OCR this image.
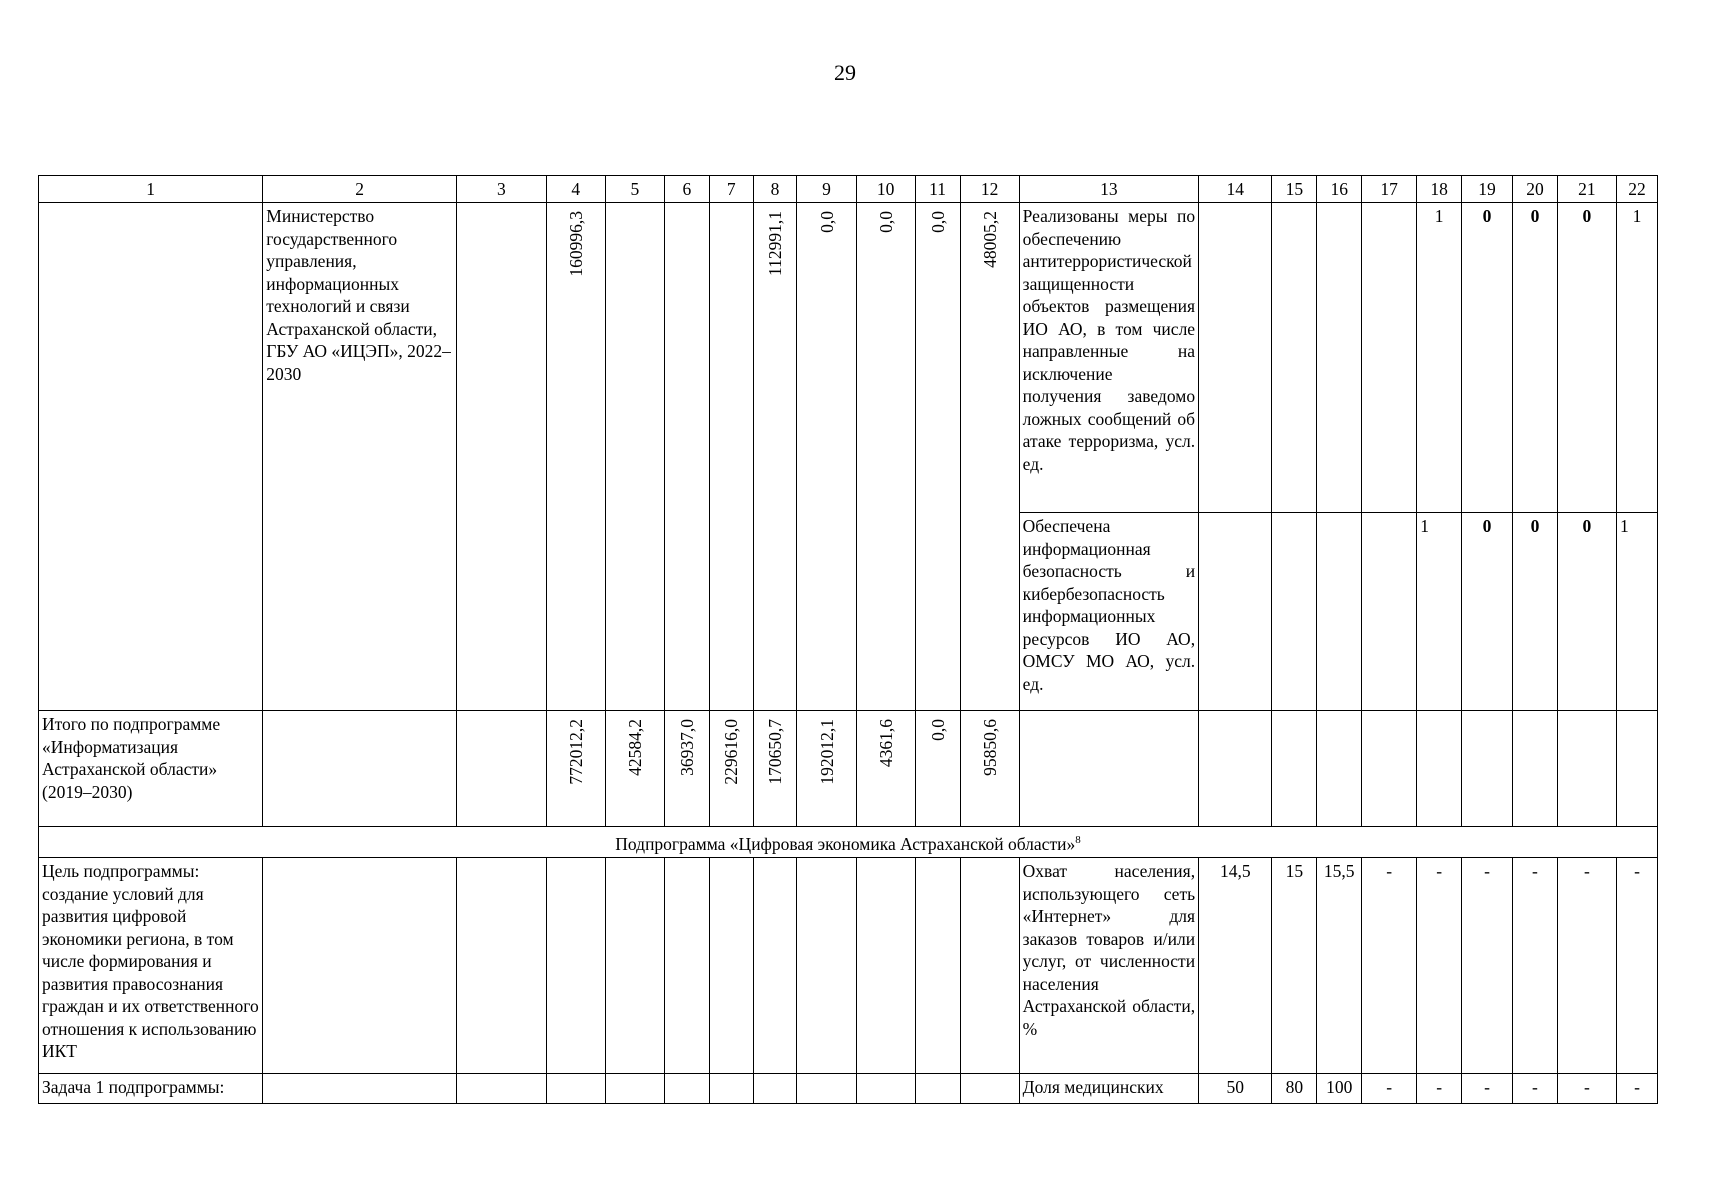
29
1	2	3	4	5	6	7	8	9	10	11	12	13	14	15	16	17	18	19	20	21	22
	Министерство государственного управления, информационных технологий и связи Астраханской области, ГБУ АО «ИЦЭП», 2022–2030		160996,3				112991,1	0,0	0,0	0,0	48005,2	Реализованы меры по обеспечению антитеррористической защищенности объектов размещения ИО АО, в том числе направленные на исключение получения заведомо ложных сообщений об атаке терроризма, усл. ед.					1	0	0	0	1
												Обеспечена информационная безопасность и кибербезопасность информационных ресурсов ИО АО, ОМСУ МО АО, усл. ед.					1	0	0	0	1
Итого по подпрограмме «Информатизация Астраханской области» (2019–2030)			772012,2	42584,2	36937,0	229616,0	170650,7	192012,1	4361,6	0,0	95850,6										
Подпрограмма «Цифровая экономика Астраханской области»$^8$
Цель подпрограммы: создание условий для развития цифровой экономики региона, в том числе формирования и развития правосознания граждан и их ответственного отношения к использованию ИКТ												Охват населения, использующего сеть «Интернет» для заказов товаров и/или услуг, от численности населения Астраханской области, %	14,5	15	15,5	-	-	-	-	-	-
Задача 1 подпрограммы:												Доля медицинских	50	80	100	-	-	-	-	-	-
